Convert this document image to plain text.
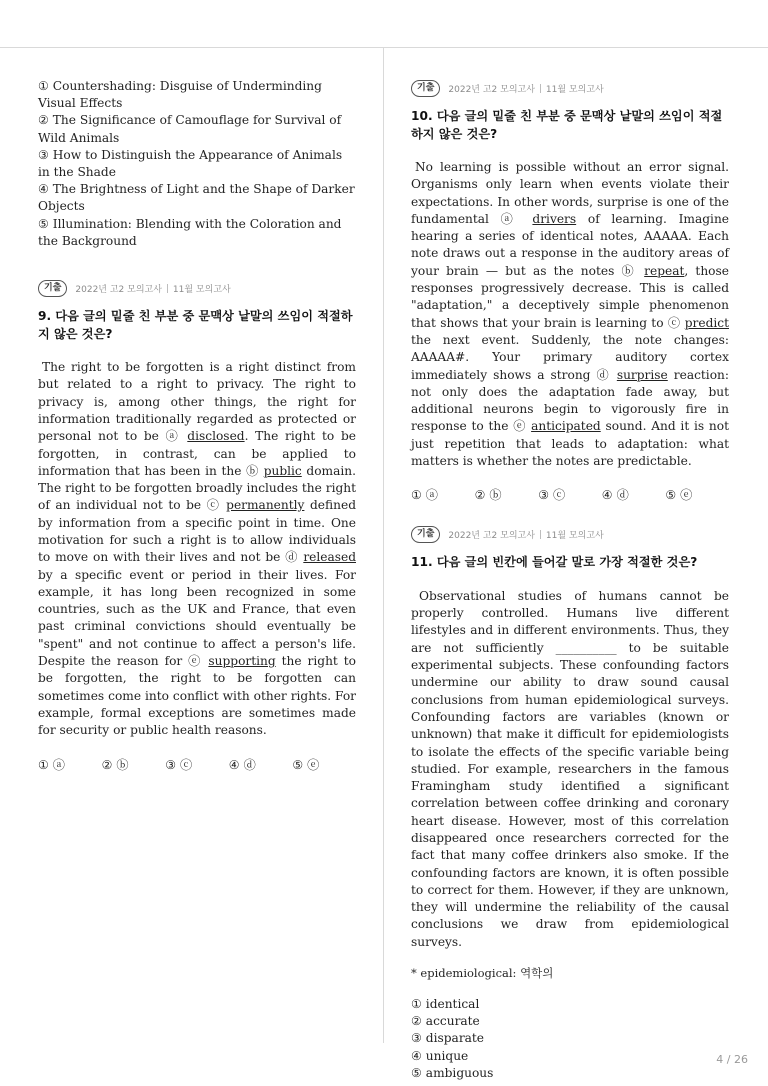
① Countershading: Disguise of Underminding Visual Effects
② The Significance of Camouflage for Survival of Wild Animals
③ How to Distinguish the Appearance of Animals in the Shade
④ The Brightness of Light and the Shape of Darker Objects
⑤ Illumination: Blending with the Coloration and the Background
기출	2022년 고2 모의고사 11월 모의고사
9. 다음 글의 밑줄 친 부분 중 문맥상 낱말의 쓰임이 적절하지 않은 것은?

The right to be forgotten is a right distinct from but related to a right to privacy. The right to privacy is, among other things, the right for information traditionally regarded as protected or personal not to be ⓐ disclosed. The right to be forgotten, in contrast, can be applied to information that has been in the ⓑ public domain. The right to be forgotten broadly includes the right of an individual not to be ⓒ permanently defined by information from a specific point in time. One motivation for such a right is to allow individuals to move on with their lives and not be ⓓ released by a specific event or period in their lives. For example, it has long been recognized in some countries, such as the UK and France, that even past criminal convictions should eventually be "spent" and not continue to affect a person's life. Despite the reason for ⓔ supporting the right to be forgotten, the right to be forgotten can sometimes come into conflict with other rights. For example, formal exceptions are sometimes made for security or public health reasons.

① ⓐ	② ⓑ	③ ⓒ	④ ⓓ	⑤ ⓔ
기출	2022년 고2 모의고사 11월 모의고사
10. 다음 글의 밑줄 친 부분 중 문맥상 낱말의 쓰임이 적절하지 않은 것은?

No learning is possible without an error signal. Organisms only learn when events violate their expectations. In other words, surprise is one of the fundamental ⓐ drivers of learning. Imagine hearing a series of identical notes, AAAAA. Each note draws out a response in the auditory areas of your brain — but as the notes ⓑ repeat, those responses progressively decrease. This is called "adaptation," a deceptively simple phenomenon that shows that your brain is learning to ⓒ predict the next event. Suddenly, the note changes: AAAAA#. Your primary auditory cortex immediately shows a strong ⓓ surprise reaction: not only does the adaptation fade away, but additional neurons begin to vigorously fire in response to the ⓔ anticipated sound. And it is not just repetition that leads to adaptation: what matters is whether the notes are predictable.

① ⓐ	② ⓑ	③ ⓒ	④ ⓓ	⑤ ⓔ
기출	2022년 고2 모의고사 11월 모의고사
11. 다음 글의 빈칸에 들어갈 말로 가장 적절한 것은?

Observational studies of humans cannot be properly controlled. Humans live different lifestyles and in different environments. Thus, they are not sufficiently __________ to be suitable experimental subjects. These confounding factors undermine our ability to draw sound causal conclusions from human epidemiological surveys. Confounding factors are variables (known or unknown) that make it difficult for epidemiologists to isolate the effects of the specific variable being studied. For example, researchers in the famous Framingham study identified a significant correlation between coffee drinking and coronary heart disease. However, most of this correlation disappeared once researchers corrected for the fact that many coffee drinkers also smoke. If the confounding factors are known, it is often possible to correct for them. However, if they are unknown, they will undermine the reliability of the causal conclusions we draw from epidemiological surveys.

* epidemiological: 역학의
① identical
② accurate
③ disparate
④ unique
⑤ ambiguous
4 / 26
